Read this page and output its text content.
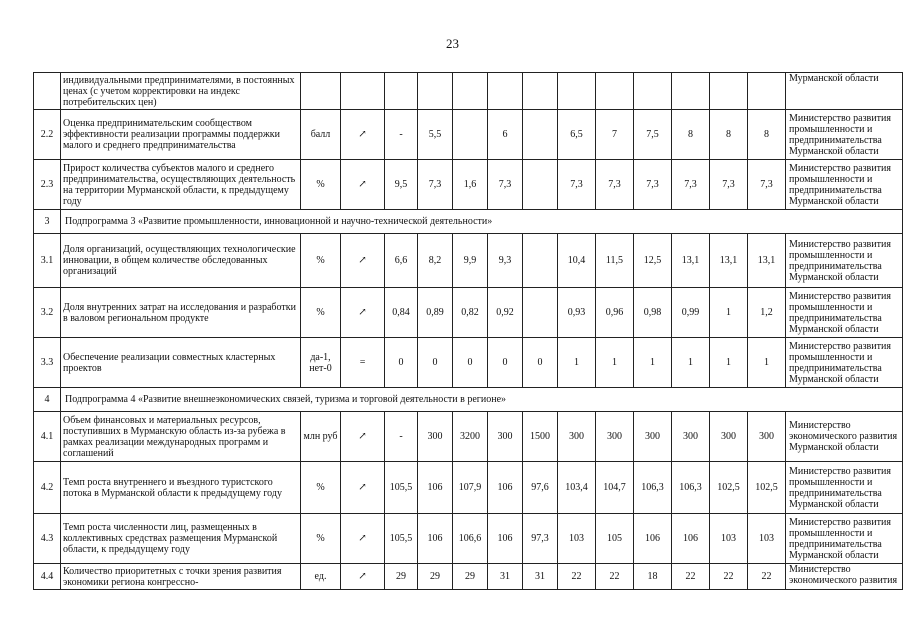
23
	индивидуальными предпринимателями, в постоянных ценах (с учетом корректировки на индекс потребительских цен)														Мурманской области
2.2	Оценка предпринимательским сообществом эффективности реализации программы поддержки малого и среднего предпринимательства	балл	↗	-	5,5		6		6,5	7	7,5	8	8	8	Министерство развития промышленности и предпринимательства Мурманской области
2.3	Прирост количества субъектов малого и среднего предпринимательства, осуществляющих деятельность на территории Мурманской области, к предыдущему году	%	↗	9,5	7,3	1,6	7,3		7,3	7,3	7,3	7,3	7,3	7,3	Министерство развития промышленности и предпринимательства Мурманской области
3	Подпрограмма 3 «Развитие промышленности, инновационной и научно-технической деятельности»														
3.1	Доля организаций, осуществляющих технологические инновации, в общем количестве обследованных организаций	%	↗	6,6	8,2	9,9	9,3		10,4	11,5	12,5	13,1	13,1	13,1	Министерство развития промышленности и предпринимательства Мурманской области
3.2	Доля внутренних затрат на исследования и разработки в валовом региональном продукте	%	↗	0,84	0,89	0,82	0,92		0,93	0,96	0,98	0,99	1	1,2	Министерство развития промышленности и предпринимательства Мурманской области
3.3	Обеспечение реализации совместных кластерных проектов	да-1, нет-0	=	0	0	0	0	0	1	1	1	1	1	1	Министерство развития промышленности и предпринимательства Мурманской области
4	Подпрограмма 4 «Развитие внешнеэкономических связей, туризма и торговой деятельности в регионе»														
4.1	Объем финансовых и материальных ресурсов, поступивших в Мурманскую область из-за рубежа в рамках реализации международных программ и соглашений	млн руб	↗	-	300	3200	300	1500	300	300	300	300	300	300	Министерство экономического развития Мурманской области
4.2	Темп роста внутреннего и въездного туристского потока в Мурманской области к предыдущему году	%	↗	105,5	106	107,9	106	97,6	103,4	104,7	106,3	106,3	102,5	102,5	Министерство развития промышленности и предпринимательства Мурманской области
4.3	Темп роста численности лиц, размещенных в коллективных средствах размещения Мурманской области, к предыдущему году	%	↗	105,5	106	106,6	106	97,3	103	105	106	106	103	103	Министерство развития промышленности и предпринимательства Мурманской области
4.4	Количество приоритетных с точки зрения развития экономики региона конгрессно-	ед.	↗	29	29	29	31	31	22	22	18	22	22	22	Министерство экономического развития
